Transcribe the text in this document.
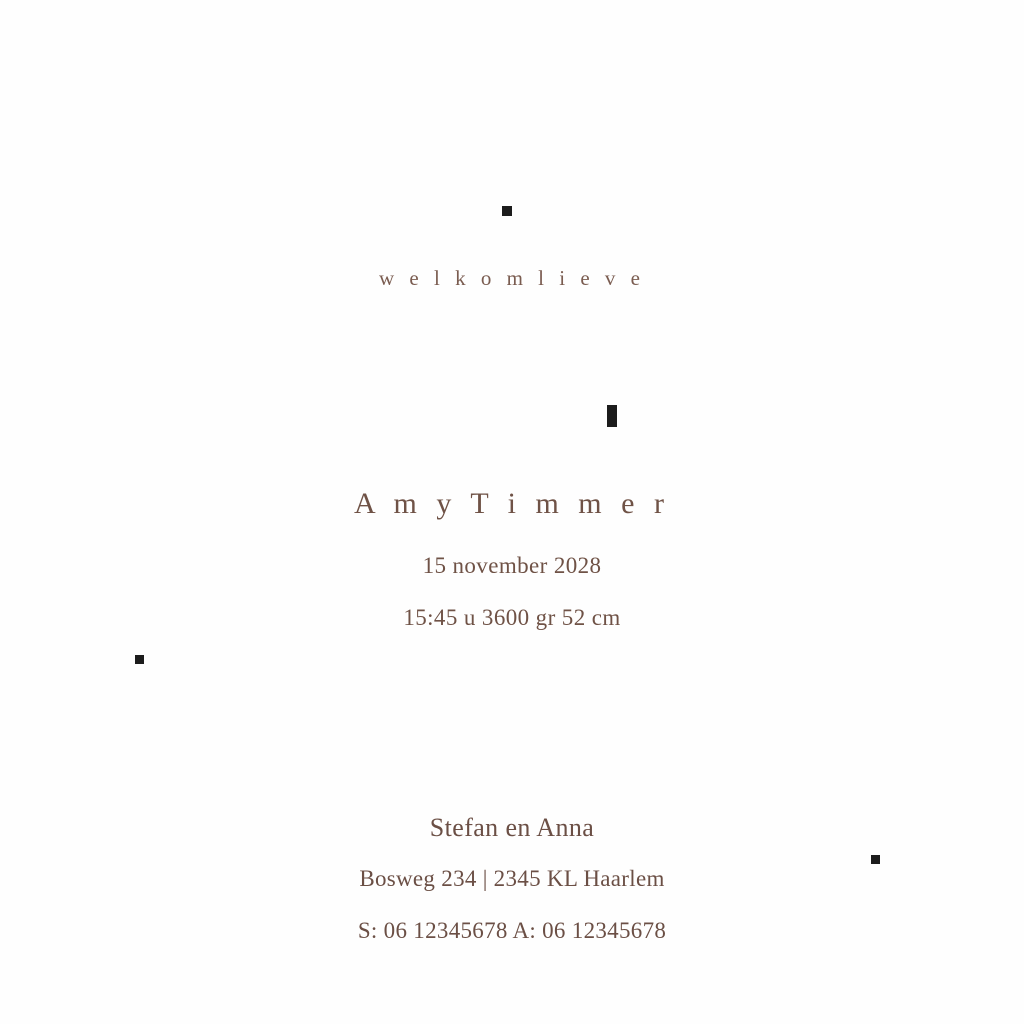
w e l k o m l i e v e
A m y T i m m e r
15 november 2028
15:45 u 3600 gr 52 cm
Stefan en Anna
Bosweg 234 | 2345 KL Haarlem
S: 06 12345678 A: 06 12345678
